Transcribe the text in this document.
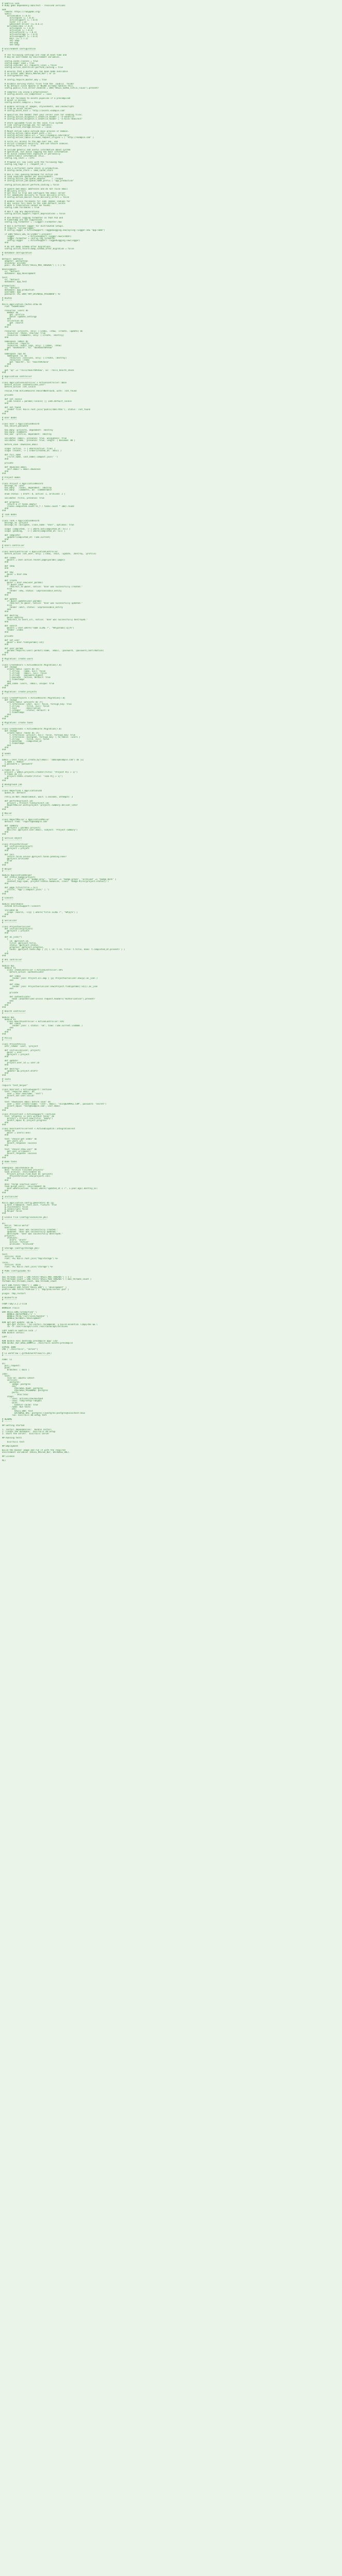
# Gemfile.lock
# Ruby gems dependency manifest - resolved versions
GEM
remote: https://rubygems.org/
specs:
actioncable (7.0.4)
actionpack (= 7.0.4)
activesupport (= 7.0.4)
nio4r (~> 2.0)
websocket-driver (>= 0.6.1)
actionmailbox (7.0.4)
actionpack (= 7.0.4)
activejob (= 7.0.4)
activerecord (= 7.0.4)
activestorage (= 7.0.4)
activesupport (= 7.0.4)
mail (>= 2.7.1)
net-imap
net-pop
net-smtp
# Environment configuration
# -------------------------
# The following settings are read at boot time and
# may be overridden by environment variables.
config.cache_classes = true
config.eager_load = true
config.consider_all_requests_local = false
config.action_controller.perform_caching = true
# Ensures that a master key has been made available
# in either ENV["RAILS_MASTER_KEY"] or in
# config/master.key.
# config.require_master_key = true
# Disable serving static files from the `/public` folder
# by default since Apache or NGINX already handles this.
config.public_file_server.enabled = ENV["RAILS_SERVE_STATIC_FILES"].present?
# Compress CSS using a preprocessor.
# config.assets.css_compressor = :sass
# Do not fallback to assets pipeline if a precompiled
# asset is missed.
config.assets.compile = false
# Enable serving of images, stylesheets, and JavaScripts
# from an asset server.
# config.asset_host = "http://assets.example.com"
# Specifies the header that your server uses for sending files.
# config.action_dispatch.x_sendfile_header = "X-Sendfile"
# config.action_dispatch.x_sendfile_header = "X-Accel-Redirect"
# Store uploaded files on the local file system
# (see config/storage.yml for options).
config.active_storage.service = :local
# Mount Action Cable outside main process or domain.
# config.action_cable.mount_path = nil
# config.action_cable.url = "wss://example.com/cable"
# config.action_cable.allowed_request_origins = [ "http://example.com" ]
# Force all access to the app over SSL, use
# Strict-Transport-Security, and use secure cookies.
# config.force_ssl = true
# Include generic and useful information about system
# operation, but avoid logging too much information
# to avoid inadvertent exposure of personally
# identifiable information (PII).
config.log_level = :info
# Prepend all log lines with the following tags.
config.log_tags = [ :request_id ]
# Use a different cache store in production.
# config.cache_store = :mem_cache_store
# Use a real queuing backend for Active Job
# (and separate queues per environment).
# config.active_job.queue_adapter     = :resque
# config.active_job.queue_name_prefix = "app_production"
config.action_mailer.perform_caching = false
# Ignore bad email addresses and do not raise email
# delivery errors.
# Set this to true and configure the email server
# for immediate delivery to raise delivery errors.
# config.action_mailer.raise_delivery_errors = false
# Enable locale fallbacks for I18n (makes lookups for
# any locale fall back to the I18n.default_locale
# when a translation cannot be found).
config.i18n.fallbacks = true
# Don't log any deprecations.
config.active_support.report_deprecations = false
# Use default logging formatter so that PID and
# timestamp are not suppressed.
config.log_formatter = ::Logger::Formatter.new
# Use a different logger for distributed setups.
# require "syslog/logger"
# config.logger = ActiveSupport::TaggedLogging.new(Syslog::Logger.new "app-name")
if ENV["RAILS_LOG_TO_STDOUT"].present?
logger           = ActiveSupport::Logger.new(STDOUT)
logger.formatter = config.log_formatter
config.logger    = ActiveSupport::TaggedLogging.new(logger)
end
# Do not dump schema after migrations.
config.active_record.dump_schema_after_migration = false
# Database configuration
# ----------------------
default: &default
adapter: postgresql
encoding: unicode
pool: <%= ENV.fetch("RAILS_MAX_THREADS") { 5 } %>
development:
<<: *default
database: app_development
test:
<<: *default
database: app_test
production:
<<: *default
database: app_production
username: app
password: <%= ENV["APP_DATABASE_PASSWORD"] %>
# Routes
# ------
Rails.application.routes.draw do
root "home#index"
resources :users do
member do
get :profile
patch :update_settings
end
collection do
get :search
end
end
resources :projects, only: [:index, :show, :create, :update] do
resources :tasks, shallow: true
resources :comments, only: [:create, :destroy]
end
namespace :admin do
resources :reports
resources :audit_logs, only: [:index, :show]
get "dashboard", to: "dashboard#show"
end
namespace :api do
namespace :v1 do
resources :sessions, only: [:create, :destroy]
resources :items
get "health", to: "health#check"
end
end
get "up" => "rails/health#show", as: :rails_health_check
end
# Application controller
# ----------------------
class ApplicationController < ActionController::Base
before_action :authenticate_user!
before_action :set_locale
rescue_from ActiveRecord::RecordNotFound, with: :not_found
private
def set_locale
I18n.locale = params[:locale] || I18n.default_locale
end
def not_found
render file: Rails.root.join("public/404.html"), status: :not_found
end
end
# User model
# ----------
class User < ApplicationRecord
has_secure_password
has_many :projects, dependent: :destroy
has_many :comments
has_one  :profile, dependent: :destroy
validates :email, presence: true, uniqueness: true
validates :name,  presence: true, length: { maximum: 80 }
before_save :downcase_email
scope :active, -> { where(active: true) }
scope :recent, -> { order(created_at: :desc) }
def full_name
[first_name, last_name].compact.join(" ")
end
private
def downcase_email
self.email = email.downcase
end
end
# Project model
# -------------
class Project < ApplicationRecord
belongs_to :user
has_many   :tasks, dependent: :destroy
has_many   :comments, as: :commentable
enum status: { draft: 0, active: 1, archived: 2 }
validates :title, presence: true
def progress
return 0 if tasks.empty?
(tasks.completed.count.to_f / tasks.count * 100).round
end
end
# Task model
# ----------
class Task < ApplicationRecord
belongs_to :project
belongs_to :assignee, class_name: "User", optional: true
scope :completed, -> { where.not(completed_at: nil) }
scope :pending,   -> { where(completed_at: nil) }
def complete!
update!(completed_at: Time.current)
end
end
# Users controller
# ----------------
class UsersController < ApplicationController
before_action :set_user, only: [:show, :edit, :update, :destroy, :profile]
def index
@users = User.active.recent.page(params[:page])
end
def show
end
def new
@user = User.new
end
def create
@user = User.new(user_params)
if @user.save
redirect_to @user, notice: "User was successfully created."
else
render :new, status: :unprocessable_entity
end
end
def update
if @user.update(user_params)
redirect_to @user, notice: "User was successfully updated."
else
render :edit, status: :unprocessable_entity
end
end
def destroy
@user.destroy
redirect_to users_url, notice: "User was successfully destroyed."
end
def search
@users = User.where("name ILIKE ?", "%#{params[:q]}%")
render :index
end
private
def set_user
@user = User.find(params[:id])
end
def user_params
params.require(:user).permit(:name, :email, :password, :password_confirmation)
end
end
# Migration: create users
# -----------------------
class CreateUsers < ActiveRecord::Migration[7.0]
def change
create_table :users do |t|
t.string   :name, null: false
t.string   :email, null: false
t.string   :password_digest
t.boolean  :active, default: true
t.timestamps
end
add_index :users, :email, unique: true
end
end
# Migration: create projects
# --------------------------
class CreateProjects < ActiveRecord::Migration[7.0]
def change
create_table :projects do |t|
t.references :user, null: false, foreign_key: true
t.string     :title, null: false
t.text       :description
t.integer    :status, default: 0
t.timestamps
end
end
end
# Migration: create tasks
# -----------------------
class CreateTasks < ActiveRecord::Migration[7.0]
def change
create_table :tasks do |t|
t.references :project, null: false, foreign_key: true
t.references :assignee, foreign_key: { to_table: :users }
t.string     :title, null: false
t.datetime   :completed_at
t.timestamps
end
end
end
# Seeds
# -----
admin = User.find_or_create_by!(email: "admin@example.com") do |u|
u.name = "Admin"
u.password = "password"
end
3.times do |i|
project = admin.projects.create!(title: "Project #{i + 1}")
5.times do |j|
project.tasks.create!(title: "Task #{j + 1}")
end
end
# Background job
# --------------
class ReportJob < ApplicationJob
queue_as :default
retry_on Net::ReadTimeout, wait: 5.seconds, attempts: 3
def perform(project_id)
project = Project.find(project_id)
ReportMailer.with(project: project).summary.deliver_later
end
end
# Mailer
# ------
class ReportMailer < ApplicationMailer
default from: "reports@example.com"
def summary
@project = params[:project]
mail(to: @project.user.email, subject: "Project summary")
end
end
# Service object
# --------------
class ProjectArchiver
def initialize(project)
@project = project
end
def call
return false unless @project.tasks.pending.none?
@project.archived!
true
end
end
# Helper
# ------
module ApplicationHelper
def status_badge(project)
css = { "draft" => "badge-grey", "active" => "badge-green", "archived" => "badge-dark" }
content_tag(:span, project.status.humanize, class: "badge #{css[project.status]}")
end
def page_title(title = nil)
[title, "App"].compact.join(" | ")
end
end
# Concern
# -------
module Searchable
extend ActiveSupport::Concern
included do
scope :search, ->(q) { where("title ILIKE ?", "%#{q}%") }
end
end
# Serializer
# ----------
class ProjectSerializer
def initialize(project)
@project = project
end
def as_json(*)
{
id: @project.id,
title: @project.title,
status: @project.status,
progress: @project.progress,
tasks: @project.tasks.map { |t| { id: t.id, title: t.title, done: t.completed_at.present? } }
}
end
end
# API controller
# --------------
module Api
module V1
class ItemsController < ActionController::API
before_action :authenticate!
def index
render json: Project.all.map { |p| ProjectSerializer.new(p).as_json }
end
def show
render json: ProjectSerializer.new(Project.find(params[:id])).as_json
end
private
def authenticate!
head :unauthorized unless request.headers["Authorization"].present?
end
end
end
end
# Health controller
# -----------------
module Api
module V1
class HealthController < ActionController::API
def check
render json: { status: "ok", time: Time.current.iso8601 }
end
end
end
end
# Policy
# ------
class ProjectPolicy
attr_reader :user, :project
def initialize(user, project)
@user = user
@project = project
end
def update?
project.user_id == user.id
end
def destroy?
update? && project.draft?
end
end
# Tests
# -----
require "test_helper"
class UserTest < ActiveSupport::TestCase
test "requires email" do
user = User.new(name: "Test")
assert_not user.valid?
end
test "downcases email before save" do
user = User.create!(name: "Test", email: "TEST@EXAMPLE.COM", password: "secret")
assert_equal "test@example.com", user.email
end
end
class ProjectTest < ActiveSupport::TestCase
test "progress is zero without tasks" do
project = Project.new(title: "Empty")
assert_equal 0, project.progress
end
end
class UsersControllerTest < ActionDispatch::IntegrationTest
setup do
@user = users(:one)
end
test "should get index" do
get users_url
assert_response :success
end
test "should show user" do
get user_url(@user)
assert_response :success
end
end
# Rake tasks
# ----------
namespace :maintenance do
desc "Archive finished projects"
task archive: :environment do
Project.active.find_each do |project|
ProjectArchiver.new(project).call
end
end
desc "Purge inactive users"
task purge_users: :environment do
User.where(active: false).where("updated_at < ?", 1.year.ago).destroy_all
end
end
# Initializer
# -----------
Rails.application.config.generators do |g|
g.test_framework :test_unit, fixture: true
g.stylesheets false
g.javascripts false
g.helper false
end
# Locale file (config/locales/en.yml)
# ----------------------------------
en:
hello: "Hello world"
users:
created: "User was successfully created."
updated: "User was successfully updated."
destroyed: "User was successfully destroyed."
projects:
statuses:
draft: "Draft"
active: "Active"
archived: "Archived"
# Storage (config/storage.yml)
# ---------------------------
test:
service: Disk
root: <%= Rails.root.join("tmp/storage") %>
local:
service: Disk
root: <%= Rails.root.join("storage") %>
# Puma (config/puma.rb)
# --------------------
max_threads_count = ENV.fetch("RAILS_MAX_THREADS") { 5 }
min_threads_count = ENV.fetch("RAILS_MIN_THREADS") { max_threads_count }
threads min_threads_count, max_threads_count
port ENV.fetch("PORT") { 3000 }
environment ENV.fetch("RAILS_ENV") { "development" }
pidfile ENV.fetch("PIDFILE") { "tmp/pids/server.pid" }
plugin :tmp_restart
# Dockerfile
# ----------
FROM ruby:3.2.2-slim
WORKDIR /rails
ENV RAILS_ENV="production" \
BUNDLE_DEPLOYMENT="1" \
BUNDLE_PATH="/usr/local/bundle" \
BUNDLE_WITHOUT="development"
RUN apt-get update -qq && \
apt-get install --no-install-recommends -y build-essential libpq-dev && \
rm -rf /var/lib/apt/lists /var/cache/apt/archives
COPY Gemfile Gemfile.lock ./
RUN bundle install
COPY . .
RUN bundle exec bootsnap precompile app/ lib/
RUN SECRET_KEY_BASE_DUMMY=1 ./bin/rails assets:precompile
EXPOSE 3000
CMD ["./bin/rails", "server"]
# CI workflow (.github/workflows/ci.yml)
# -------------------------------------
name: CI
on:
pull_request:
push:
branches: [ main ]
jobs:
test:
runs-on: ubuntu-latest
services:
postgres:
image: postgres
env:
POSTGRES_USER: postgres
POSTGRES_PASSWORD: postgres
ports:
- 5432:5432
steps:
- uses: actions/checkout@v4
- uses: ruby/setup-ruby@v1
with:
bundler-cache: true
- name: Run tests
env:
RAILS_ENV: test
DATABASE_URL: postgres://postgres:postgres@localhost:5432
run: bin/rails db:setup test
# README
# ------
## Getting started
1. Install dependencies: `bundle install`
2. Create the database: `bin/rails db:setup`
3. Start the server: `bin/rails server`
## Running tests
bin/rails test
## Deployment
Build the Docker image and run it with the required
environment variables (RAILS_MASTER_KEY, DATABASE_URL).
## License
MIT
